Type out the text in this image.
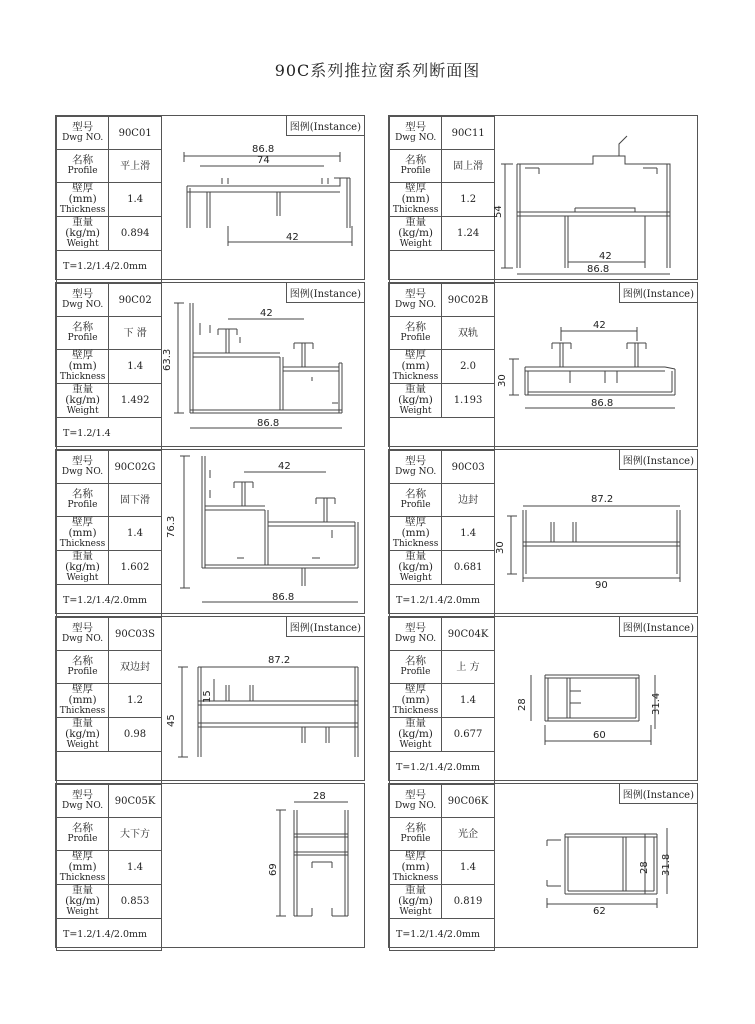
90C系列推拉窗系列断面图
型号
Dwg NO.	90C01

名称
Profile	平上滑

壁厚 (mm)
Thickness	1.4

重量 (kg/m)
Weight	0.894
T=1.2/1.4/2.0mm	
图例(Instance)
86.8
74
42
型号
Dwg NO.	90C11

名称
Profile	固上滑

壁厚 (mm)
Thickness	1.2

重量 (kg/m)
Weight	1.24

54
42
86.8
型号
Dwg NO.	90C02

名称
Profile	下 滑

壁厚 (mm)
Thickness	1.4

重量 (kg/m)
Weight	1.492
T=1.2/1.4	
图例(Instance)
63.3
42
86.8
型号
Dwg NO.	90C02B

名称
Profile	双轨

壁厚 (mm)
Thickness	2.0

重量 (kg/m)
Weight	1.193

图例(Instance)
30
42
86.8
型号
Dwg NO.	90C02G

名称
Profile	固下滑

壁厚 (mm)
Thickness	1.4

重量 (kg/m)
Weight	1.602
T=1.2/1.4/2.0mm	
76.3
42
86.8
型号
Dwg NO.	90C03

名称
Profile	边封

壁厚 (mm)
Thickness	1.4

重量 (kg/m)
Weight	0.681
T=1.2/1.4/2.0mm	
图例(Instance)
30
87.2
90
型号
Dwg NO.	90C03S

名称
Profile	双边封

壁厚 (mm)
Thickness	1.2

重量 (kg/m)
Weight	0.98

图例(Instance)
45
15
87.2
型号
Dwg NO.	90C04K

名称
Profile	上 方

壁厚 (mm)
Thickness	1.4

重量 (kg/m)
Weight	0.677
T=1.2/1.4/2.0mm	
图例(Instance)
28	31.4
60
型号
Dwg NO.	90C05K

名称
Profile	大下方

壁厚 (mm)
Thickness	1.4

重量 (kg/m)
Weight	0.853
T=1.2/1.4/2.0mm	
28
69
型号
Dwg NO.	90C06K

名称
Profile	光企

壁厚 (mm)
Thickness	1.4

重量 (kg/m)
Weight	0.819
T=1.2/1.4/2.0mm	
图例(Instance)
28 31.8
62
